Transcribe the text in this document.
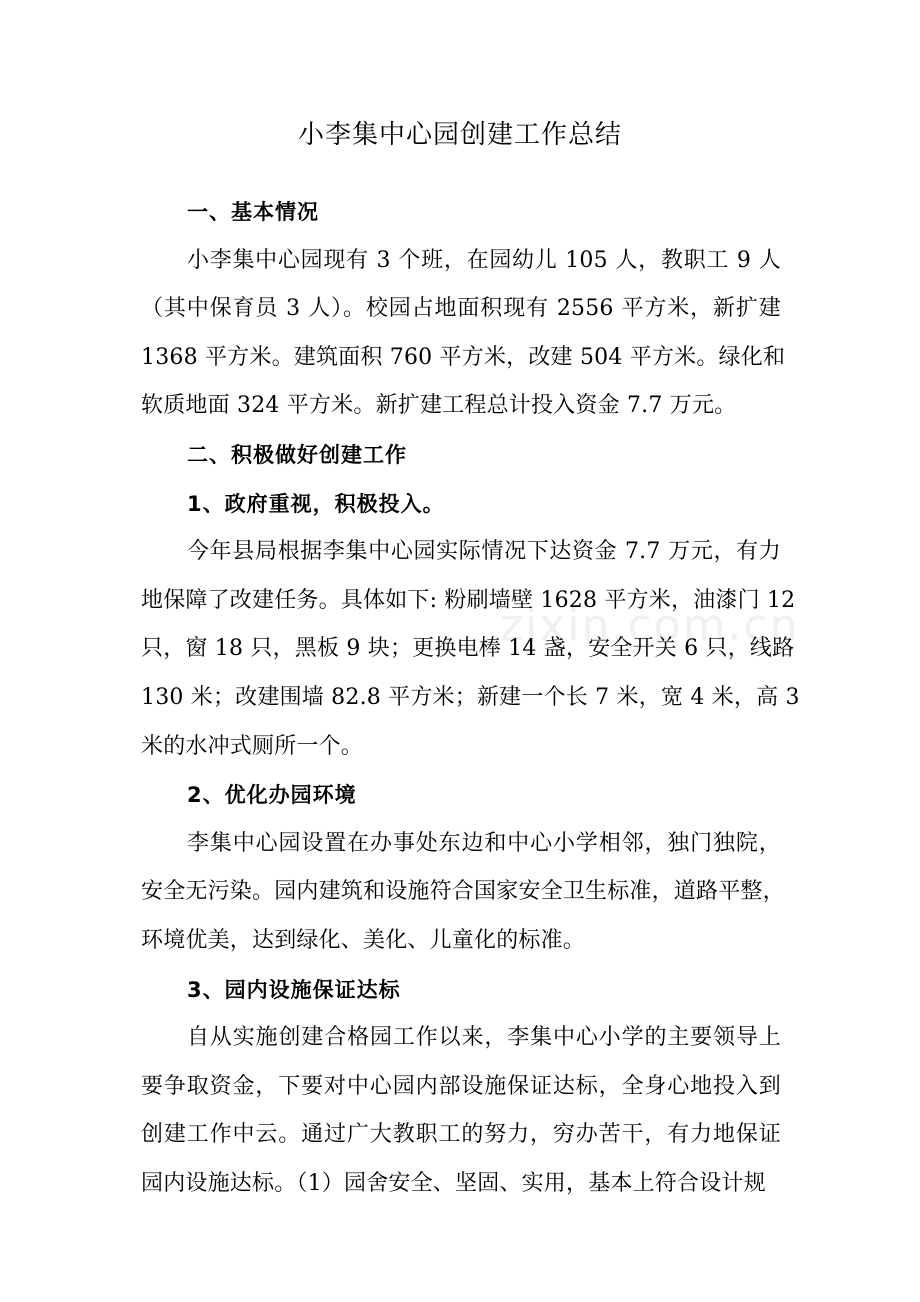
小李集中心园创建工作总结
zixin.com.cn
一、基本情况
小李集中心园现有 3 个班，在园幼儿 105 人，教职工 9 人
（其中保育员 3 人）。校园占地面积现有 2556 平方米，新扩建
1368 平方米。建筑面积 760 平方米，改建 504 平方米。绿化和
软质地面 324 平方米。新扩建工程总计投入资金 7.7 万元。
二、积极做好创建工作
1、政府重视，积极投入。
今年县局根据李集中心园实际情况下达资金 7.7 万元，有力
地保障了改建任务。具体如下: 粉刷墙壁 1628 平方米，油漆门 12
只，窗 18 只，黑板 9 块；更换电棒 14 盏，安全开关 6 只，线路
130 米；改建围墙 82.8 平方米；新建一个长 7 米，宽 4 米，高 3
米的水冲式厕所一个。
2、优化办园环境
李集中心园设置在办事处东边和中心小学相邻，独门独院，
安全无污染。园内建筑和设施符合国家安全卫生标准，道路平整，
环境优美，达到绿化、美化、儿童化的标准。
3、园内设施保证达标
自从实施创建合格园工作以来，李集中心小学的主要领导上
要争取资金，下要对中心园内部设施保证达标，全身心地投入到
创建工作中云。通过广大教职工的努力，穷办苦干，有力地保证
园内设施达标。（1）园舍安全、坚固、实用，基本上符合设计规
